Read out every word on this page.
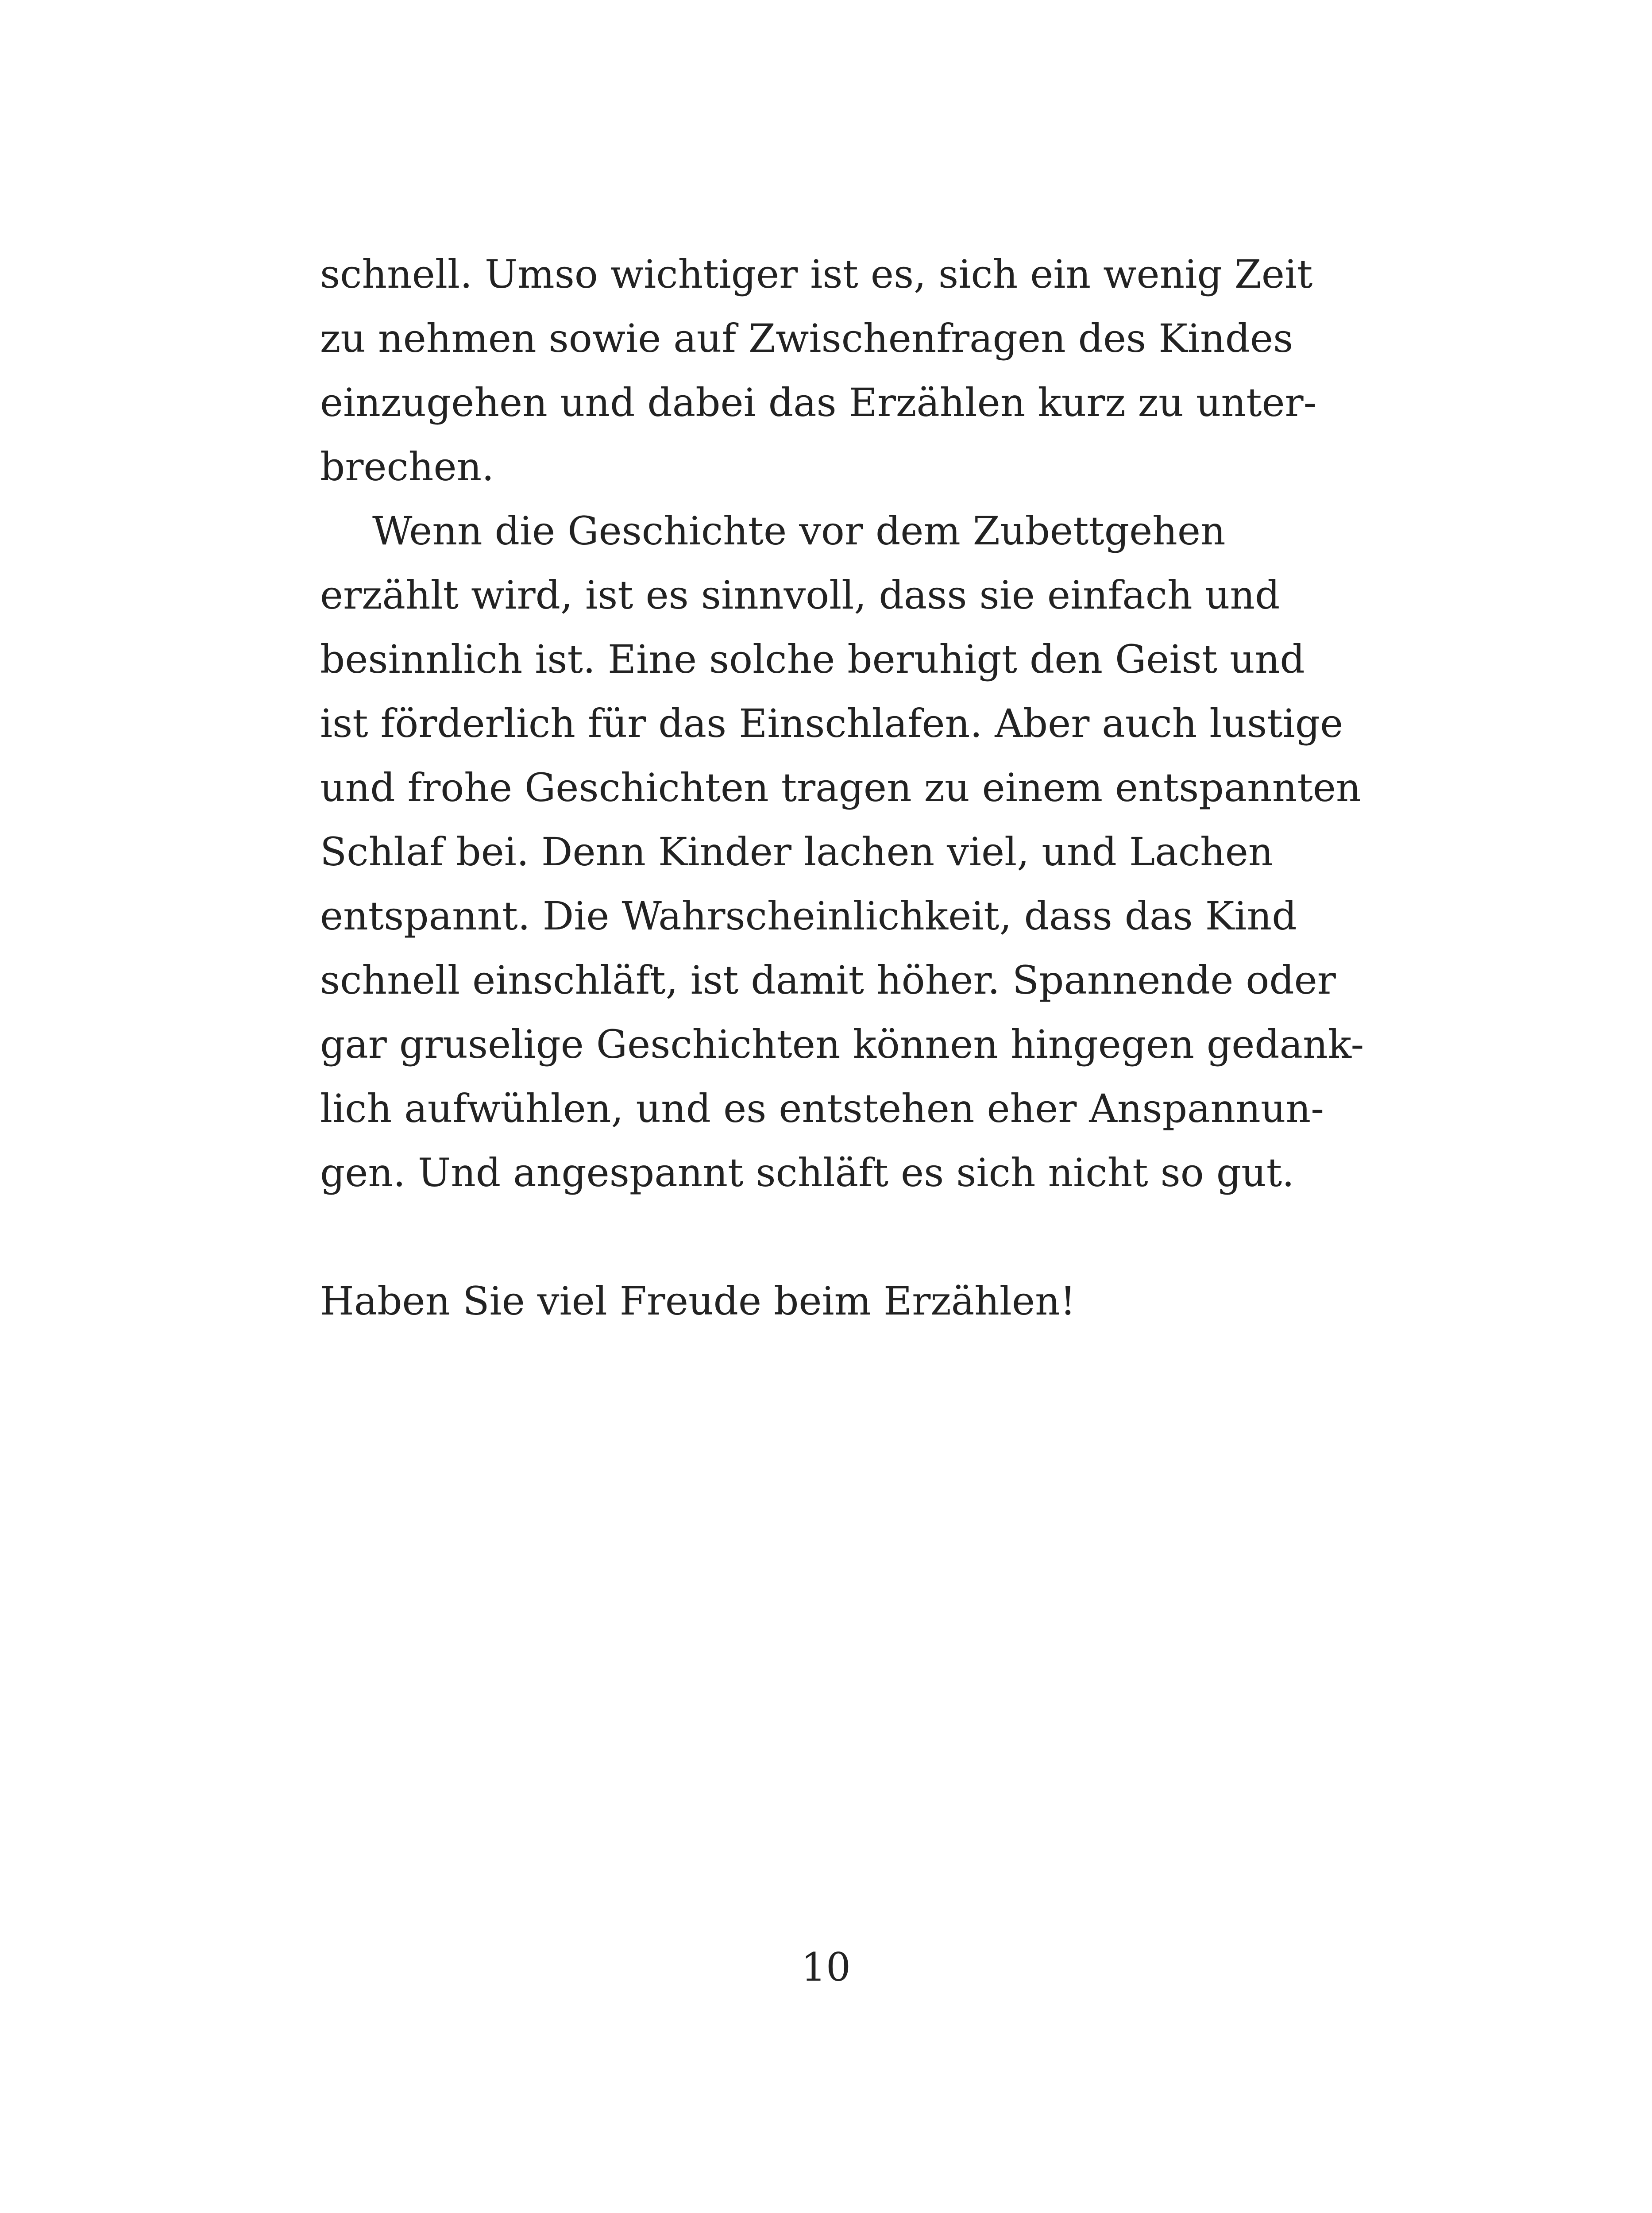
schnell. Umso wichtiger ist es, sich ein wenig Zeit
zu nehmen sowie auf Zwischenfragen des Kindes
einzugehen und dabei das Erzählen kurz zu unter-
brechen.
Wenn die Geschichte vor dem Zubettgehen
erzählt wird, ist es sinnvoll, dass sie einfach und
besinnlich ist. Eine solche beruhigt den Geist und
ist förderlich für das Einschlafen. Aber auch lustige
und frohe Geschichten tragen zu einem entspannten
Schlaf bei. Denn Kinder lachen viel, und Lachen
entspannt. Die Wahrscheinlichkeit, dass das Kind
schnell einschläft, ist damit höher. Spannende oder
gar gruselige Geschichten können hingegen gedank-
lich aufwühlen, und es entstehen eher Anspannun-
gen. Und angespannt schläft es sich nicht so gut.
Haben Sie viel Freude beim Erzählen!
10
